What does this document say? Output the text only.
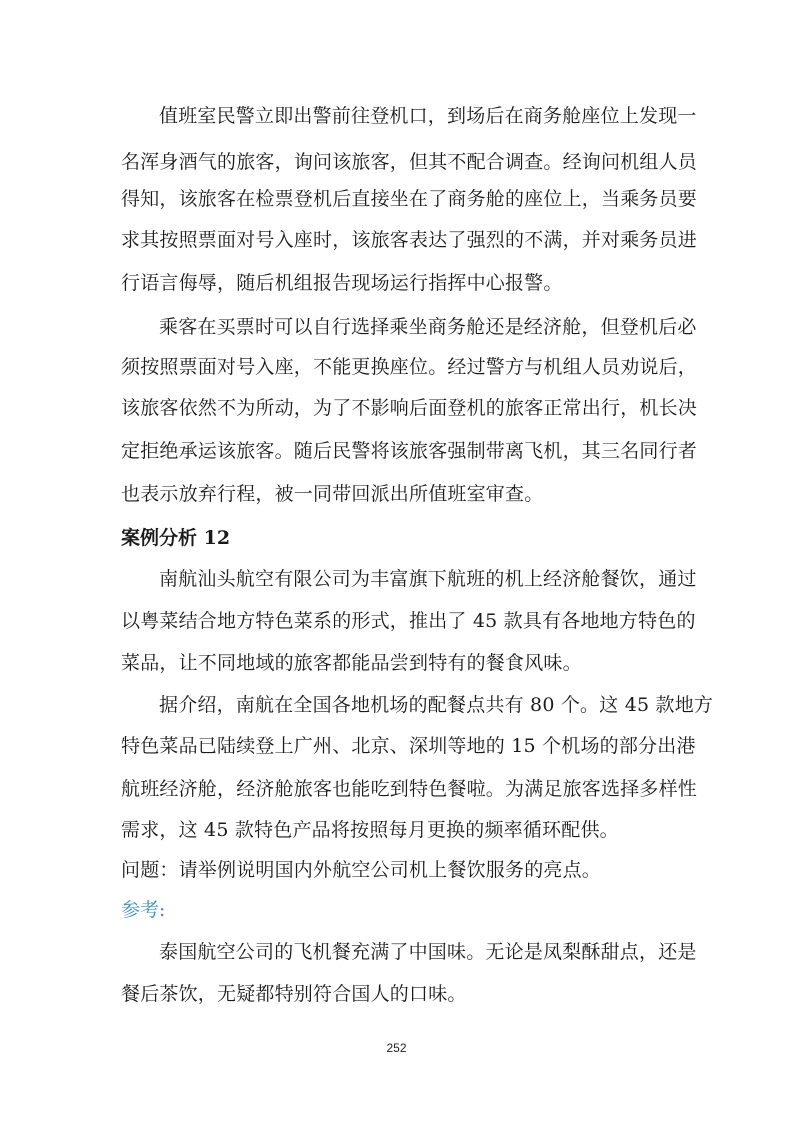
值班室民警立即出警前往登机口，到场后在商务舱座位上发现一
名浑身酒气的旅客，询问该旅客，但其不配合调查。经询问机组人员
得知，该旅客在检票登机后直接坐在了商务舱的座位上，当乘务员要
求其按照票面对号入座时，该旅客表达了强烈的不满，并对乘务员进
行语言侮辱，随后机组报告现场运行指挥中心报警。
乘客在买票时可以自行选择乘坐商务舱还是经济舱，但登机后必
须按照票面对号入座，不能更换座位。经过警方与机组人员劝说后，
该旅客依然不为所动，为了不影响后面登机的旅客正常出行，机长决
定拒绝承运该旅客。随后民警将该旅客强制带离飞机，其三名同行者
也表示放弃行程，被一同带回派出所值班室审查。
案例分析 12
南航汕头航空有限公司为丰富旗下航班的机上经济舱餐饮，通过
以粤菜结合地方特色菜系的形式，推出了 45 款具有各地地方特色的
菜品，让不同地域的旅客都能品尝到特有的餐食风味。
据介绍，南航在全国各地机场的配餐点共有 80 个。这 45 款地方
特色菜品已陆续登上广州、北京、深圳等地的 15 个机场的部分出港
航班经济舱，经济舱旅客也能吃到特色餐啦。为满足旅客选择多样性
需求，这 45 款特色产品将按照每月更换的频率循环配供。
问题：请举例说明国内外航空公司机上餐饮服务的亮点。
参考:
泰国航空公司的飞机餐充满了中国味。无论是凤梨酥甜点，还是
餐后茶饮，无疑都特别符合国人的口味。
252
